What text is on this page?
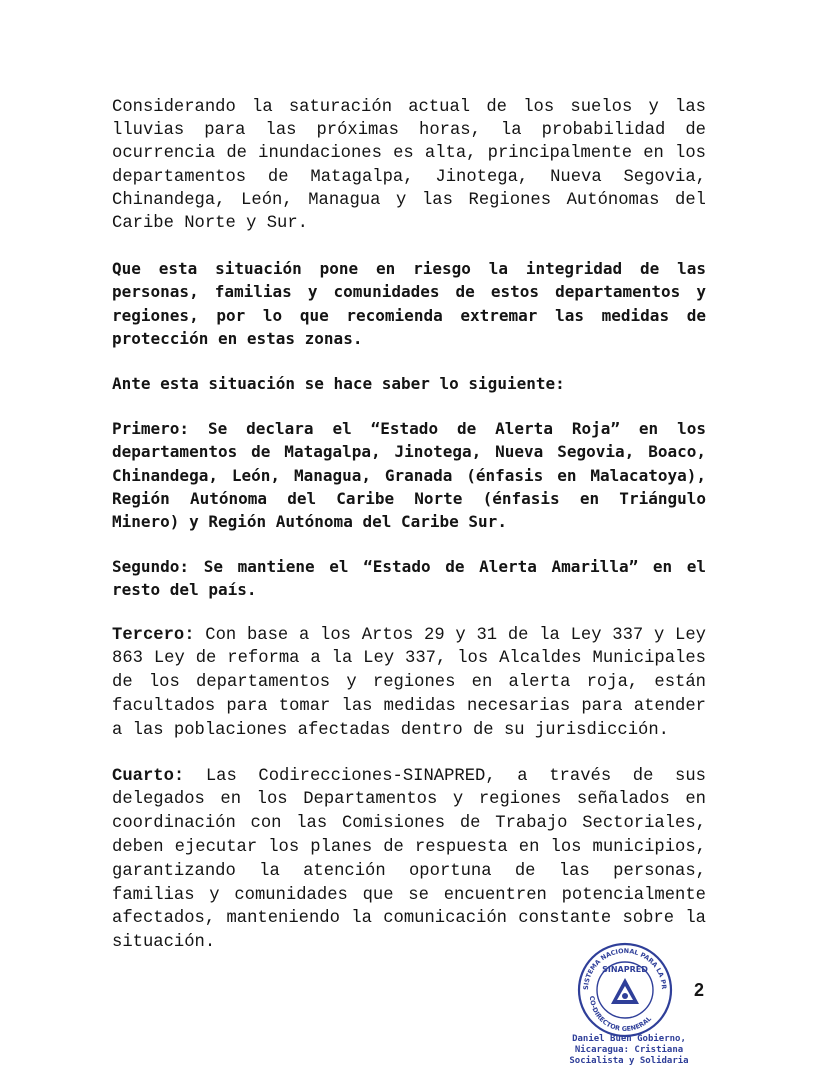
Considerando la saturación actual de los suelos y las lluvias para las próximas horas, la probabilidad de ocurrencia de inundaciones es alta, principalmente en los departamentos de Matagalpa, Jinotega, Nueva Segovia, Chinandega, León, Managua y las Regiones Autónomas del Caribe Norte y Sur.

Que esta situación pone en riesgo la integridad de las personas, familias y comunidades de estos departamentos y regiones, por lo que recomienda extremar las medidas de protección en estas zonas.

Ante esta situación se hace saber lo siguiente:

Primero: Se declara el “Estado de Alerta Roja” en los departamentos de Matagalpa, Jinotega, Nueva Segovia, Boaco, Chinandega, León, Managua, Granada (énfasis en Malacatoya), Región Autónoma del Caribe Norte (énfasis en Triángulo Minero) y Región Autónoma del Caribe Sur.

Segundo: Se mantiene el “Estado de Alerta Amarilla” en el resto del país.

Tercero: Con base a los Artos 29 y 31 de la Ley 337 y Ley 863 Ley de reforma a la Ley 337, los Alcaldes Municipales de los departamentos y regiones en alerta roja, están facultados para tomar las medidas necesarias para atender a las poblaciones afectadas dentro de su jurisdicción.

Cuarto: Las Codirecciones-SINAPRED, a través de sus delegados en los Departamentos y regiones señalados en coordinación con las Comisiones de Trabajo Sectoriales, deben ejecutar los planes de respuesta en los municipios, garantizando la atención oportuna de las personas, familias y comunidades que se encuentren potencialmente afectados, manteniendo la comunicación constante sobre la situación.

SISTEMA NACIONAL PARA LA PR
CO-DIRECTOR GENERAL
SINAPRED
2
Daniel Buen Gobierno,
Nicaragua: Cristiana
Socialista y Solidaria
